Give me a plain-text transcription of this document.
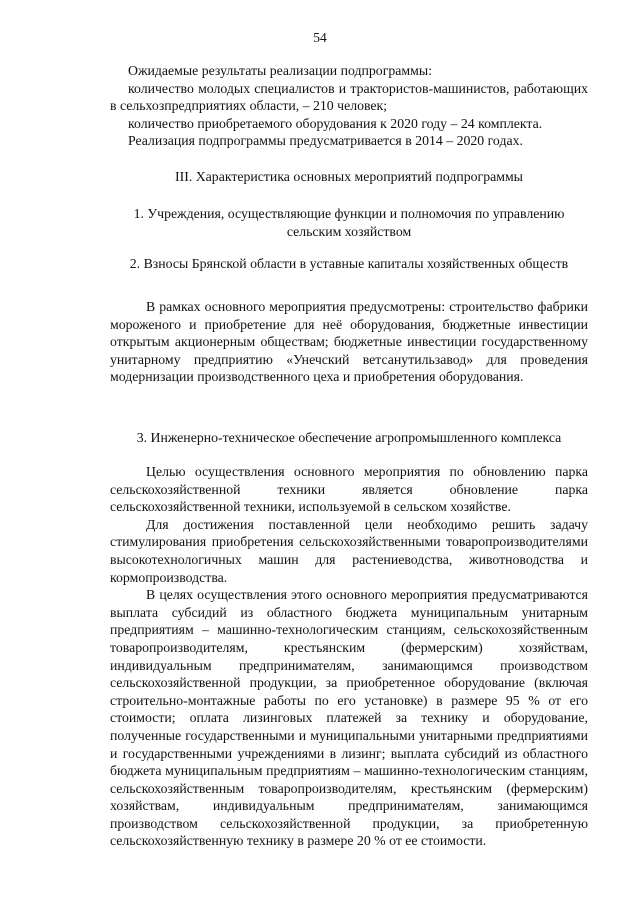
54

Ожидаемые результаты реализации подпрограммы:

количество молодых специалистов и трактористов-машинистов, работающих в сельхозпредприятиях области, – 210 человек;

количество приобретаемого оборудования к 2020 году – 24 комплекта.

Реализация подпрограммы предусматривается в 2014 – 2020 годах.

III. Характеристика основных мероприятий подпрограммы
1. Учреждения, осуществляющие функции и полномочия по управлению сельским хозяйством
2. Взносы Брянской области в уставные капиталы хозяйственных обществ

В рамках основного мероприятия предусмотрены: строительство фабрики мороженого и приобретение для неё оборудования, бюджетные инвестиции открытым акционерным обществам; бюджетные инвестиции государственному унитарному предприятию «Унечский ветсанутильзавод» для проведения модернизации производственного цеха и приобретения оборудования.

3. Инженерно-техническое обеспечение агропромышленного комплекса

Целью осуществления основного мероприятия по обновлению парка сельскохозяйственной техники является обновление парка сельскохозяйственной техники, используемой в сельском хозяйстве.

Для достижения поставленной цели необходимо решить задачу стимулирования приобретения сельскохозяйственными товаропроизводителями высокотехнологичных машин для растениеводства, животноводства и кормопроизводства.

В целях осуществления этого основного мероприятия предусматриваются выплата субсидий из областного бюджета муниципальным унитарным предприятиям – машинно-технологическим станциям, сельскохозяйственным товаропроизводителям, крестьянским (фермерским) хозяйствам, индивидуальным предпринимателям, занимающимся производством сельскохозяйственной продукции, за приобретенное оборудование (включая строительно-монтажные работы по его установке) в размере 95 % от его стоимости; оплата лизинговых платежей за технику и оборудование, полученные государственными и муниципальными унитарными предприятиями и государственными учреждениями в лизинг; выплата субсидий из областного бюджета муниципальным предприятиям – машинно-технологическим станциям, сельскохозяйственным товаропроизводителям, крестьянским (фермерским) хозяйствам, индивидуальным предпринимателям, занимающимся производством сельскохозяйственной продукции, за приобретенную сельскохозяйственную технику в размере 20 % от ее стоимости.
